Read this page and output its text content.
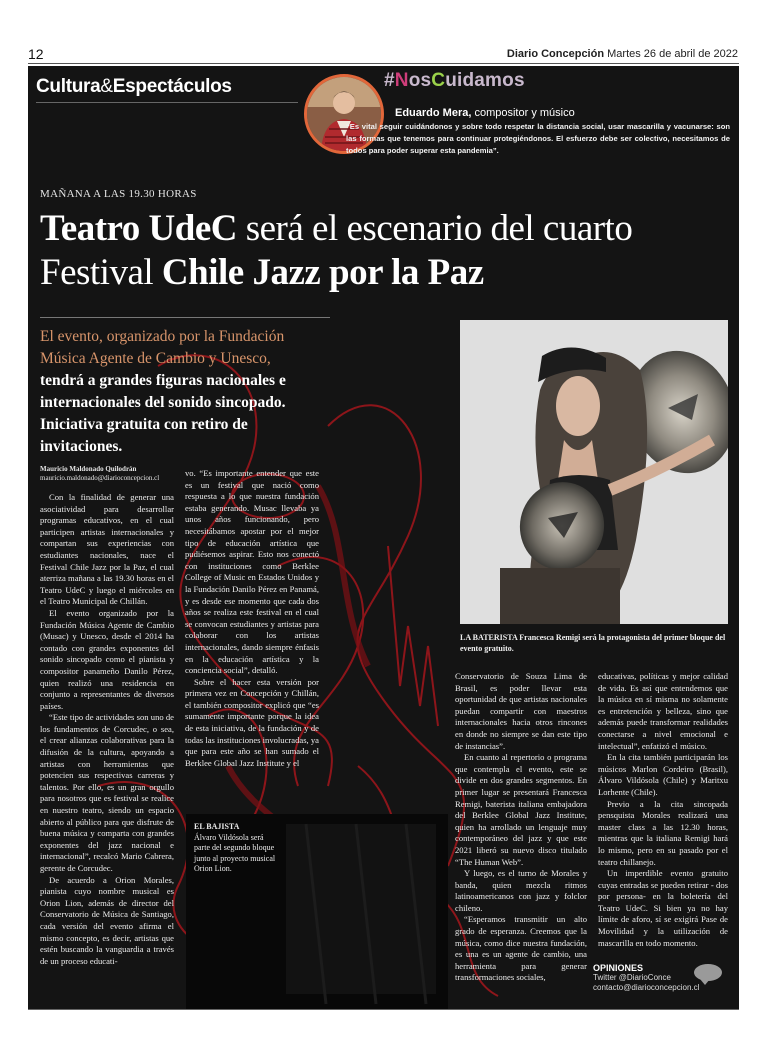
12	Diario Concepción Martes 26 de abril de 2022
Cultura&Espectáculos	#NosCuidamos
Eduardo Mera, compositor y músico
“Es vital seguir cuidándonos y sobre todo respetar la distancia social, usar mascarilla y vacunarse: son las formas que tenemos para continuar protegiéndonos. El esfuerzo debe ser colectivo, necesitamos de todos para poder superar esta pandemia”.
MAÑANA A LAS 19.30 HORAS
Teatro UdeC será el escenario del cuarto Festival Chile Jazz por la Paz
El evento, organizado por la Fundación Música Agente de Cambio y Unesco, tendrá a grandes figuras nacionales e internacionales del sonido sincopado. Iniciativa gratuita con retiro de invitaciones.
Mauricio Maldonado Quilodrán
mauricio.maldonado@diarioconcepcion.cl

Con la finalidad de generar una asociatividad para desarrollar programas educativos, en el cual participen artistas internacionales y compartan sus experiencias con estudiantes nacionales, nace el Festival Chile Jazz por la Paz, el cual aterriza mañana a las 19.30 horas en el Teatro UdeC y luego el miércoles en el Teatro Municipal de Chillán.

El evento organizado por la Fundación Música Agente de Cambio (Musac) y Unesco, desde el 2014 ha contado con grandes exponentes del sonido sincopado como el pianista y compositor panameño Danilo Pérez, quien realizó una residencia en conjunto a representantes de diversos países.

“Este tipo de actividades son uno de los fundamentos de Corcudec, o sea, el crear alianzas colaborativas para la difusión de la cultura, apoyando a artistas con herramientas que potencien sus respectivas carreras y talentos. Por ello, es un gran orgullo para nosotros que es festival se realice en nuestro teatro, siendo un espacio abierto al público para que disfrute de buena música y comparta con grandes exponentes del jazz nacional e internacional”, recalcó Mario Cabrera, gerente de Corcudec.

De acuerdo a Orion Morales, pianista cuyo nombre musical es Orion Lion, además de director del Conservatorio de Música de Santiago, cada versión del evento afirma el mismo concepto, es decir, artistas que estén buscando la vanguardia a través de un proceso educati-

vo. “Es importante entender que este es un festival que nació como respuesta a lo que nuestra fundación estaba generando. Musac llevaba ya unos años funcionando, pero necesitábamos apostar por el mejor tipo de educación artística que pudiésemos aspirar. Esto nos conectó con instituciones como Berklee College of Music en Estados Unidos y la Fundación Danilo Pérez en Panamá, y es desde ese momento que cada dos años se realiza este festival en el cual se convocan estudiantes y artistas para colaborar con los artistas internacionales, dando siempre énfasis en la educación artística y la conciencia social”, detalló.

Sobre el hacer esta versión por primera vez en Concepción y Chillán, el también compositor explicó que “es sumamente importante porque la idea de esta iniciativa, de la fundación y de todas las instituciones involucradas, ya que para este año se han sumado el Berklee Global Jazz Institute y el

LA BATERISTA Francesca Remigi será la protagonista del primer bloque del evento gratuito.

Conservatorio de Souza Lima de Brasil, es poder llevar esta oportunidad de que artistas nacionales puedan compartir con maestros internacionales hacia otros rincones en donde no siempre se dan este tipo de instancias”.

En cuanto al repertorio o programa que contempla el evento, este se divide en dos grandes segmentos. En primer lugar se presentará Francesca Remigi, baterista italiana embajadora del Berklee Global Jazz Institute, quien ha arrollado un lenguaje muy contemporáneo del jazz y que este 2021 liberó su nuevo disco titulado “The Human Web”.

Y luego, es el turno de Morales y banda, quien mezcla ritmos latinoamericanos con jazz y folclor chileno.

“Esperamos transmitir un alto grado de esperanza. Creemos que la música, como dice nuestra fundación, es una es un agente de cambio, una herramienta para generar transformaciones sociales,

educativas, políticas y mejor calidad de vida. Es así que entendemos que la música en sí misma no solamente es entretención y belleza, sino que además puede transformar realidades conectarse a nivel emocional e intelectual”, enfatizó el músico.

En la cita también participarán los músicos Marlon Cordeiro (Brasil), Álvaro Vildósola (Chile) y Maritxu Lorhente (Chile).

Previo a la cita sincopada pensquista Morales realizará una master class a las 12.30 horas, mientras que la italiana Remigi hará lo mismo, pero en su pasado por el teatro chillanejo.

Un imperdible evento gratuito cuyas entradas se pueden retirar - dos por persona- en la boletería del Teatro UdeC. Si bien ya no hay límite de aforo, sí se exigirá Pase de Movilidad y la utilización de mascarilla en todo momento.

EL BAJISTA
Álvaro Vildósola será parte del segundo bloque junto al proyecto musical Orion Lion.
OPINIONES
Twitter @DiarioConce
contacto@diarioconcepcion.cl
